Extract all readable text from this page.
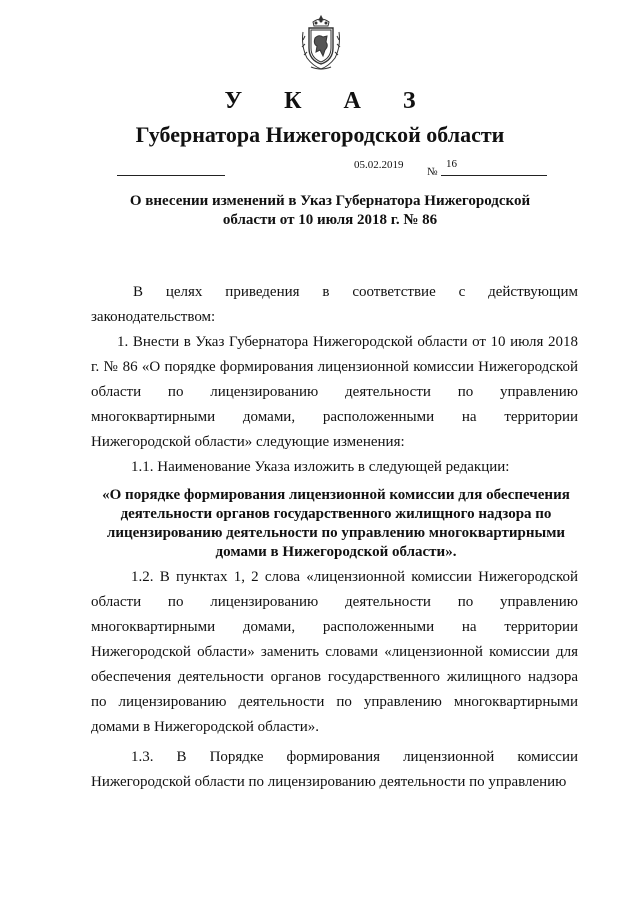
У К А З
Губернатора Нижегородской области
05.02.2019
№
16
О внесении изменений в Указ Губернатора Нижегородской области от 10 июля 2018 г. № 86
В целях приведения в соответствие с действующим законодательством:
1. Внести в Указ Губернатора Нижегородской области от 10 июля 2018 г. № 86 «О порядке формирования лицензионной комиссии Нижегородской области по лицензированию деятельности по управлению многоквартирными домами, расположенными на территории Нижегородской области» следующие изменения:
1.1. Наименование Указа изложить в следующей редакции:
«О порядке формирования лицензионной комиссии для обеспечения деятельности органов государственного жилищного надзора по лицензированию деятельности по управлению многоквартирными домами в Нижегородской области».
1.2. В пунктах 1, 2 слова «лицензионной комиссии Нижегородской области по лицензированию деятельности по управлению многоквартирными домами, расположенными на территории Нижегородской области» заменить словами «лицензионной комиссии для обеспечения деятельности органов государственного жилищного надзора по лицензированию деятельности по управлению многоквартирными домами в Нижегородской области».
1.3. В Порядке формирования лицензионной комиссии Нижегородской области по лицензированию деятельности по управлению
